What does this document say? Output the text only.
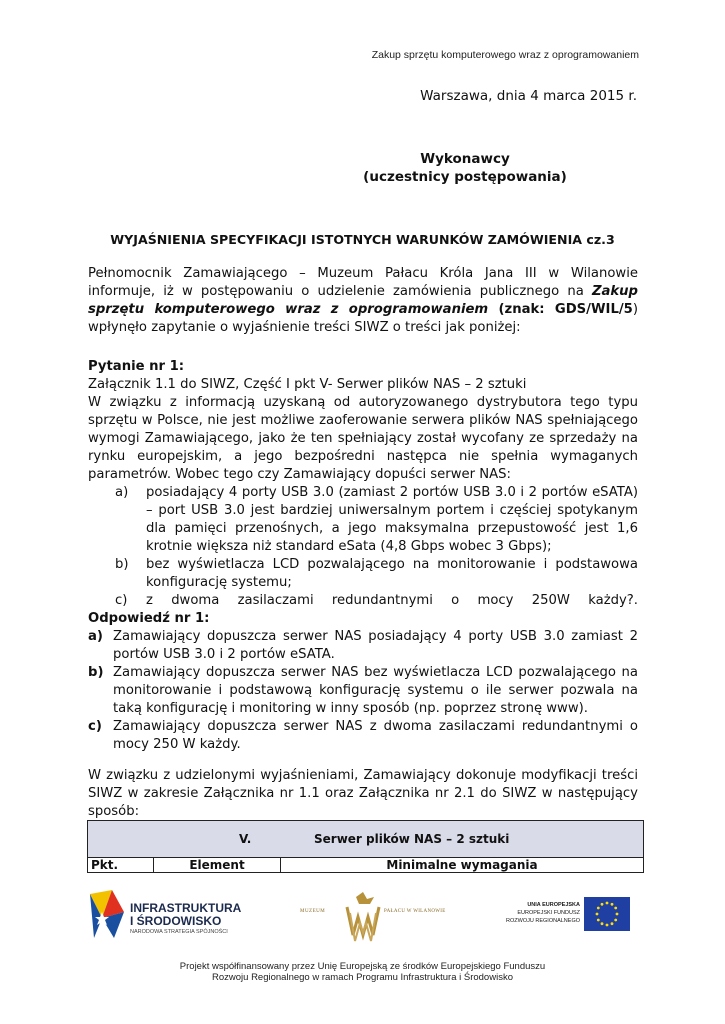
Zakup sprzętu komputerowego wraz z oprogramowaniem
Warszawa, dnia 4 marca 2015 r.
Wykonawcy
(uczestnicy postępowania)
WYJAŚNIENIA SPECYFIKACJI ISTOTNYCH WARUNKÓW ZAMÓWIENIA cz.3
Pełnomocnik Zamawiającego – Muzeum Pałacu Króla Jana III w Wilanowie informuje, iż w postępowaniu o udzielenie zamówienia publicznego na Zakup sprzętu komputerowego wraz z oprogramowaniem (znak: GDS/WIL/5) wpłynęło zapytanie o wyjaśnienie treści SIWZ o treści jak poniżej:
Pytanie nr 1:
Załącznik 1.1 do SIWZ, Część I pkt V- Serwer plików NAS – 2 sztuki
W związku z informacją uzyskaną od autoryzowanego dystrybutora tego typu sprzętu w Polsce, nie jest możliwe zaoferowanie serwera plików NAS spełniającego wymogi Zamawiającego, jako że ten spełniający został wycofany ze sprzedaży na rynku europejskim, a jego bezpośredni następca nie spełnia wymaganych parametrów. Wobec tego czy Zamawiający dopuści serwer NAS:
a)	posiadający 4 porty USB 3.0 (zamiast 2 portów USB 3.0 i 2 portów eSATA) – port USB 3.0 jest bardziej uniwersalnym portem i częściej spotykanym dla pamięci przenośnych, a jego maksymalna przepustowość jest 1,6 krotnie większa niż standard eSata (4,8 Gbps wobec 3 Gbps);
b)	bez wyświetlacza LCD pozwalającego na monitorowanie i podstawowa konfigurację systemu;
c)	z dwoma zasilaczami redundantnymi o mocy 250W każdy?.
Odpowiedź nr 1:
a) Zamawiający dopuszcza serwer NAS posiadający 4 porty USB 3.0 zamiast 2 portów USB 3.0 i 2 portów eSATA.
b) Zamawiający dopuszcza serwer NAS bez wyświetlacza LCD pozwalającego na monitorowanie i podstawową konfigurację systemu o ile serwer pozwala na taką konfigurację i monitoring w inny sposób (np. poprzez stronę www).
c) Zamawiający dopuszcza serwer NAS z dwoma zasilaczami redundantnymi o mocy 250 W każdy.
W związku z udzielonymi wyjaśnieniami, Zamawiający dokonuje modyfikacji treści SIWZ w zakresie Załącznika nr 1.1 oraz Załącznika nr 2.1 do SIWZ w następujący sposób:
V.	Serwer plików NAS – 2 sztuki

Pkt.	Element	Minimalne wymagania
INFRASTRUKTURA
I ŚRODOWISKO
NARODOWA STRATEGIA SPÓJNOŚCI
MUZEUM	PAŁACU W WILANOWIE
UNIA EUROPEJSKA
EUROPEJSKI FUNDUSZ
ROZWOJU REGIONALNEGO
Projekt współfinansowany przez Unię Europejską ze środków Europejskiego Funduszu
Rozwoju Regionalnego w ramach Programu Infrastruktura i Środowisko
